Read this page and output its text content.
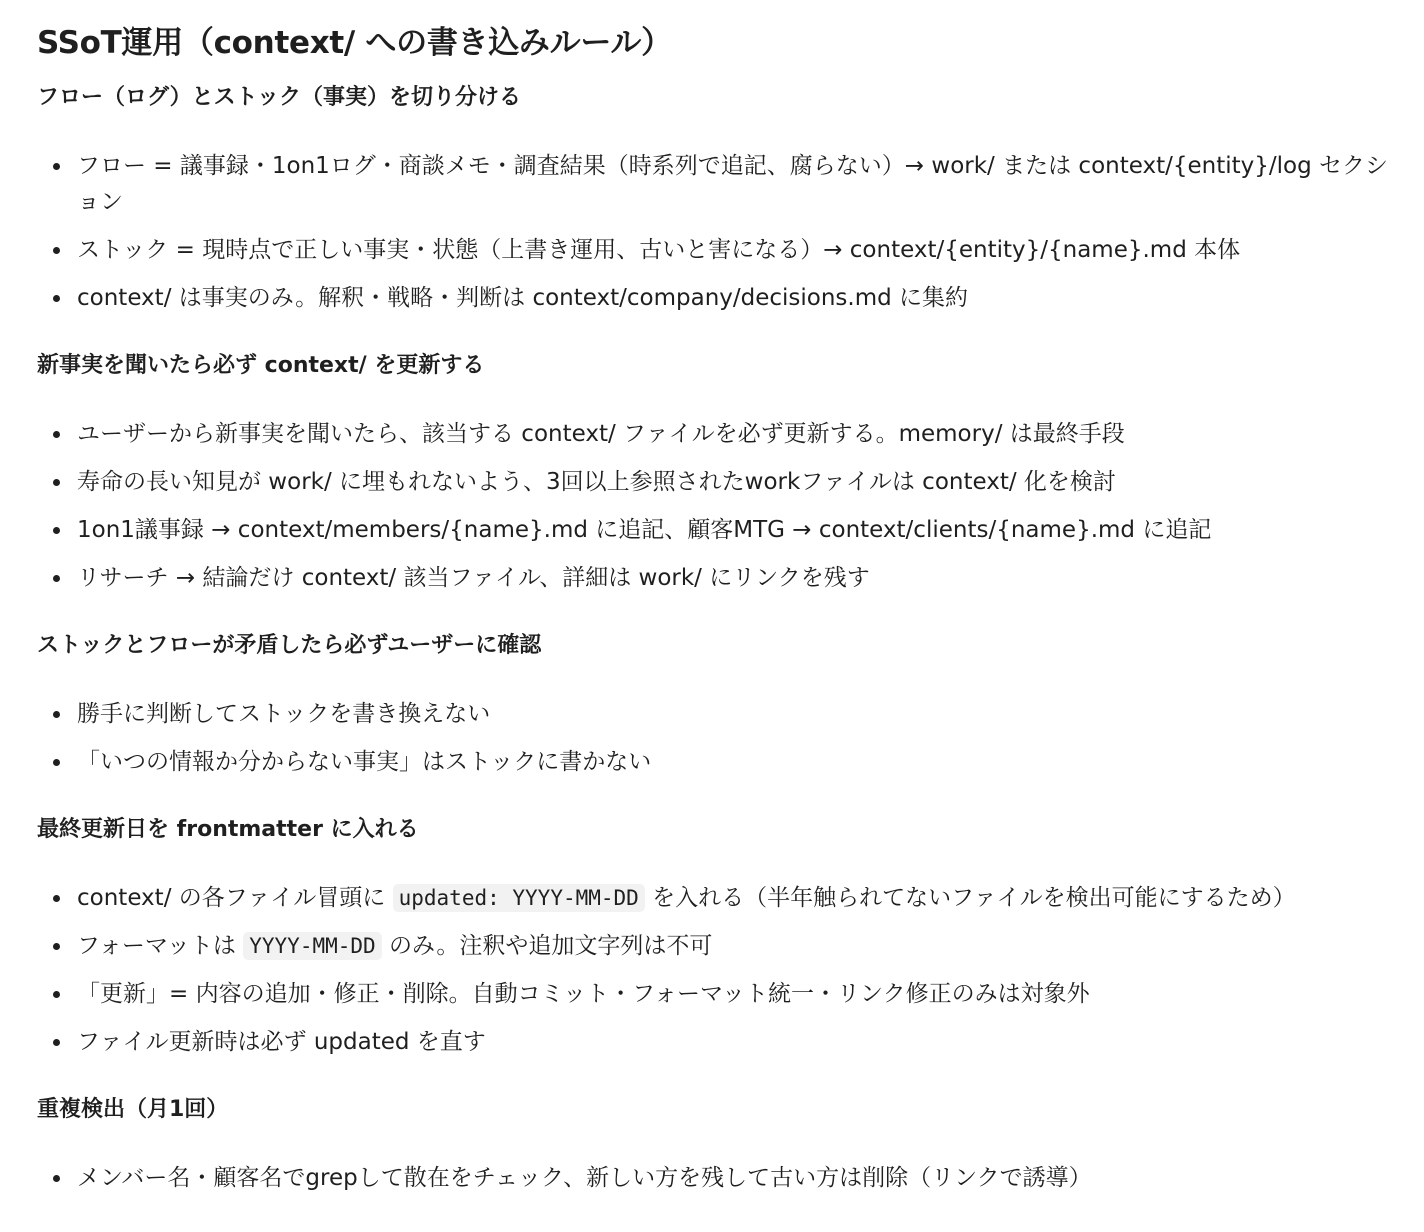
SSoT運用（context/ への書き込みルール）
フロー（ログ）とストック（事実）を切り分ける
フロー = 議事録・1on1ログ・商談メモ・調査結果（時系列で追記、腐らない）→ work/ または context/{entity}/log セクション
ストック = 現時点で正しい事実・状態（上書き運用、古いと害になる）→ context/{entity}/{name}.md 本体
context/ は事実のみ。解釈・戦略・判断は context/company/decisions.md に集約
新事実を聞いたら必ず context/ を更新する
ユーザーから新事実を聞いたら、該当する context/ ファイルを必ず更新する。memory/ は最終手段
寿命の長い知見が work/ に埋もれないよう、3回以上参照されたworkファイルは context/ 化を検討
1on1議事録 → context/members/{name}.md に追記、顧客MTG → context/clients/{name}.md に追記
リサーチ → 結論だけ context/ 該当ファイル、詳細は work/ にリンクを残す
ストックとフローが矛盾したら必ずユーザーに確認
勝手に判断してストックを書き換えない
「いつの情報か分からない事実」はストックに書かない
最終更新日を frontmatter に入れる
context/ の各ファイル冒頭に updated: YYYY-MM-DD を入れる（半年触られてないファイルを検出可能にするため）
フォーマットは YYYY-MM-DD のみ。注釈や追加文字列は不可
「更新」= 内容の追加・修正・削除。自動コミット・フォーマット統一・リンク修正のみは対象外
ファイル更新時は必ず updated を直す
重複検出（月1回）
メンバー名・顧客名でgrepして散在をチェック、新しい方を残して古い方は削除（リンクで誘導）
